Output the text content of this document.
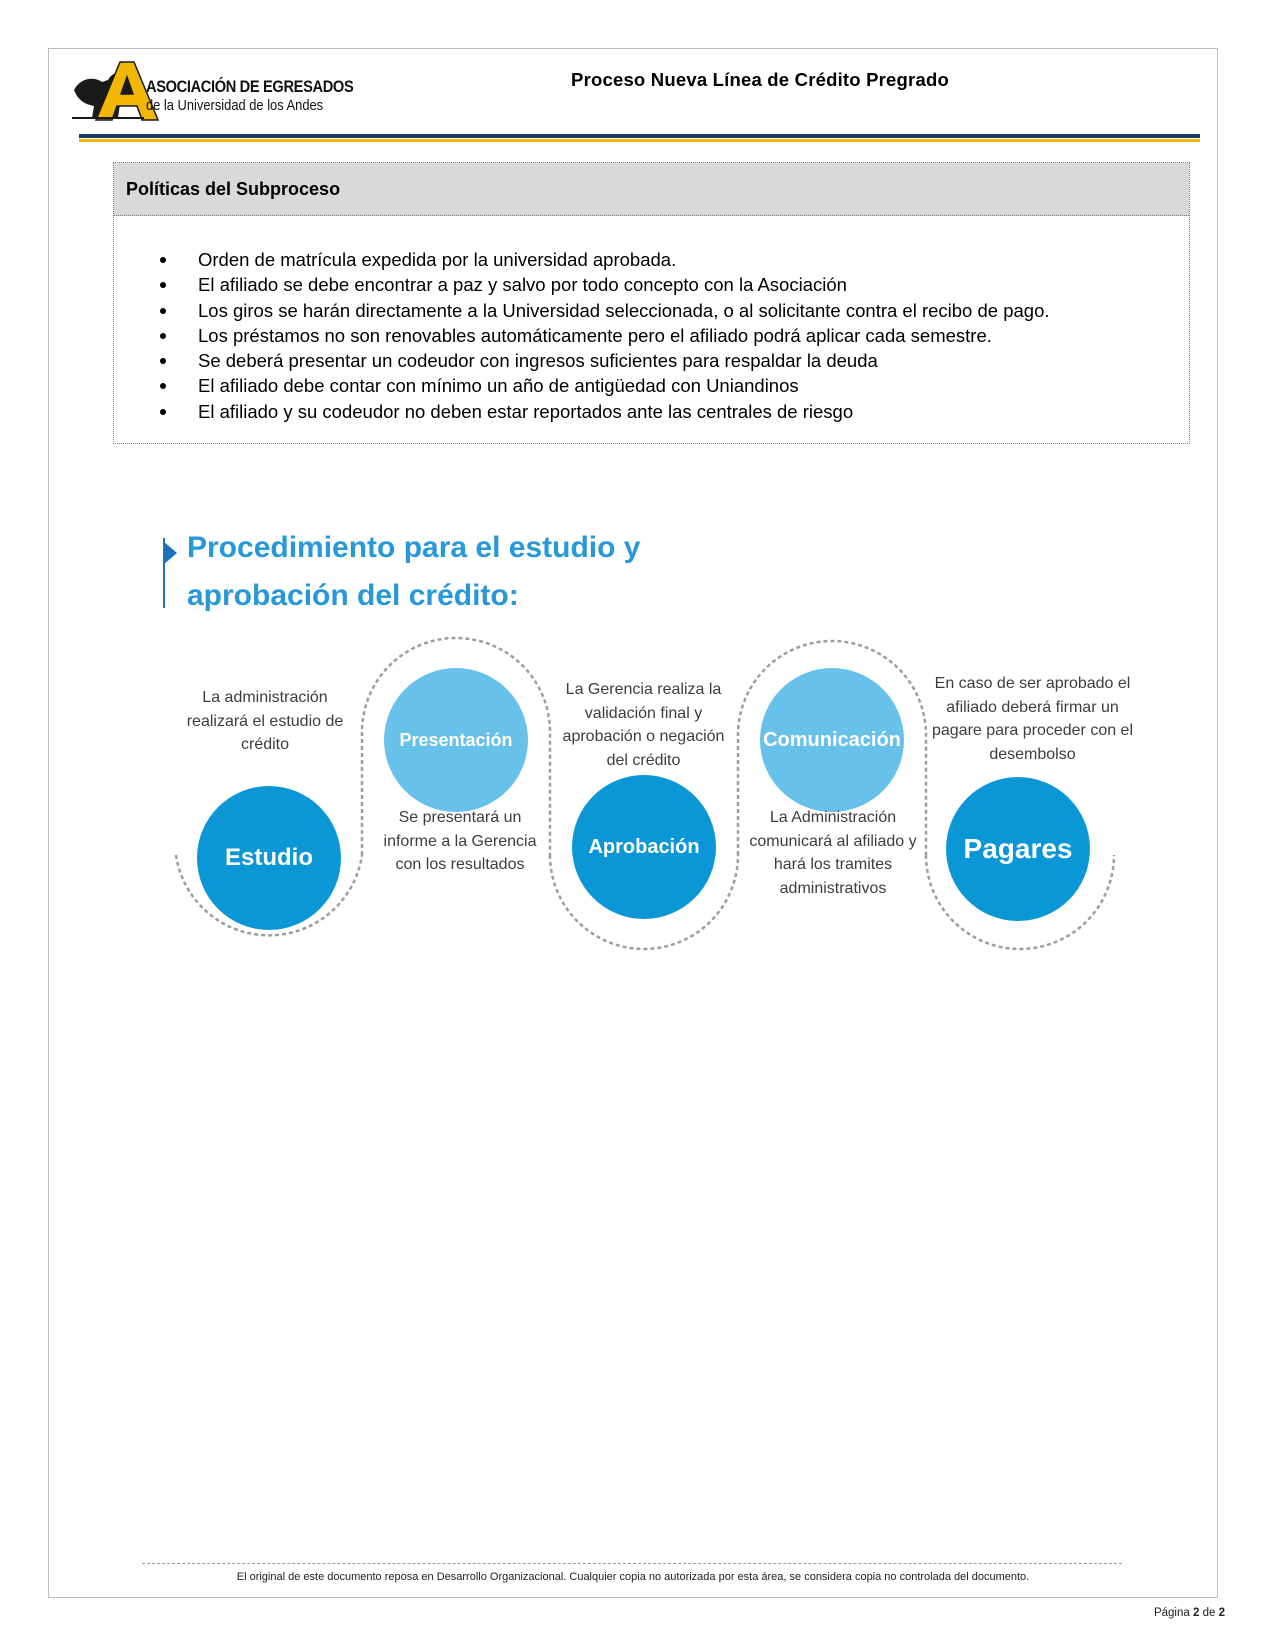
ASOCIACIÓN DE EGRESADOS
de la Universidad de los Andes
Proceso Nueva Línea de Crédito Pregrado
Políticas del Subproceso
Orden de matrícula expedida por la universidad aprobada.
El afiliado se debe encontrar a paz y salvo por todo concepto con la Asociación
Los giros se harán directamente a la Universidad seleccionada, o al solicitante contra el recibo de pago.
Los préstamos no son renovables automáticamente pero el afiliado podrá aplicar cada semestre.
Se deberá presentar un codeudor con ingresos suficientes para respaldar la deuda
El afiliado debe contar con mínimo un año de antigüedad con Uniandinos
El afiliado y su codeudor no deben estar reportados ante las centrales de riesgo
Procedimiento para el estudio y aprobación del crédito:
Estudio
Presentación
Aprobación
Comunicación
Pagares
La administración realizará el estudio de crédito
Se presentará un informe a la Gerencia con los resultados
La Gerencia realiza la validación final y aprobación o negación del crédito
La Administración comunicará al afiliado y hará los tramites administrativos
En caso de ser aprobado el afiliado deberá firmar un pagare para proceder con el desembolso
El original de este documento reposa en Desarrollo Organizacional. Cualquier copia no autorizada por esta área, se considera copia no controlada del documento.
Página 2 de 2
